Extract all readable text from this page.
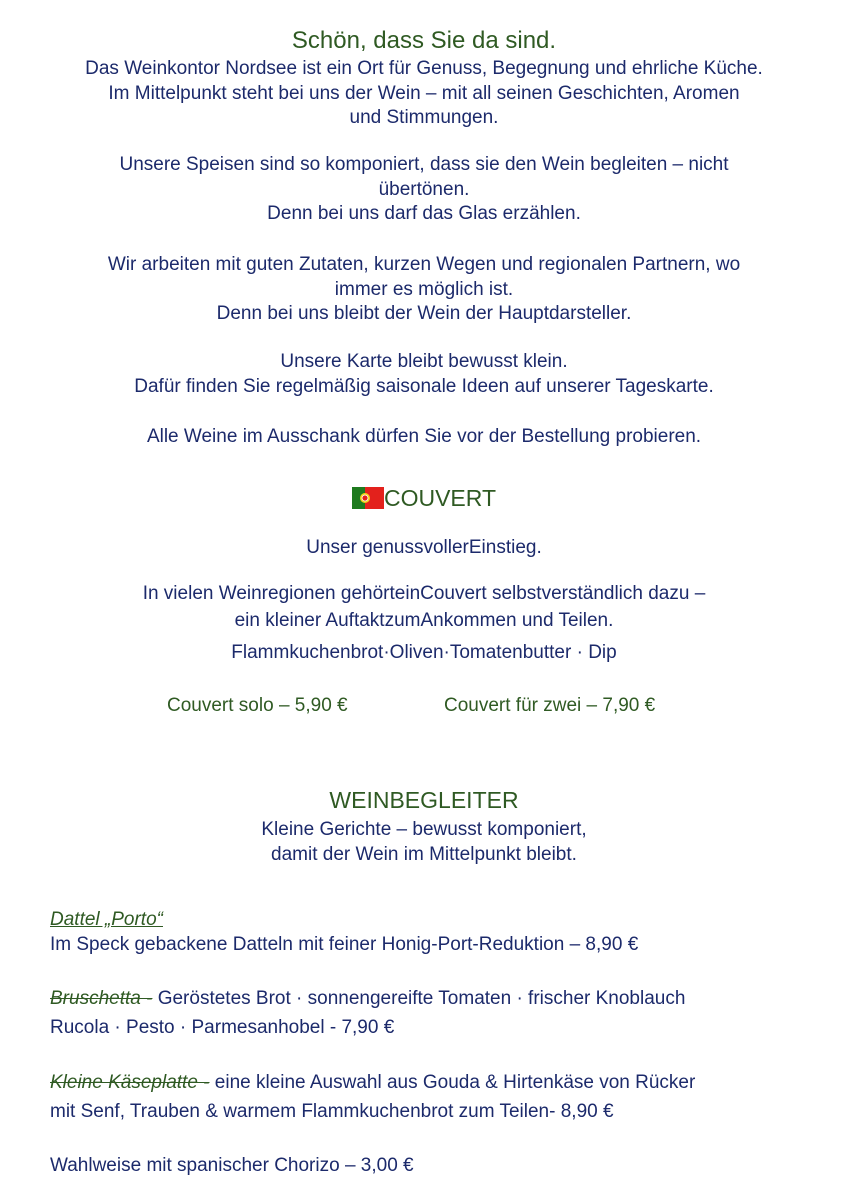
Schön, dass Sie da sind.
Das Weinkontor Nordsee ist ein Ort für Genuss, Begegnung und ehrliche Küche.
Im Mittelpunkt steht bei uns der Wein – mit all seinen Geschichten, Aromen
und Stimmungen.
Unsere Speisen sind so komponiert, dass sie den Wein begleiten – nicht
übertönen.
Denn bei uns darf das Glas erzählen.
Wir arbeiten mit guten Zutaten, kurzen Wegen und regionalen Partnern, wo
immer es möglich ist.
Denn bei uns bleibt der Wein der Hauptdarsteller.
Unsere Karte bleibt bewusst klein.
Dafür finden Sie regelmäßig saisonale Ideen auf unserer Tageskarte.
Alle Weine im Ausschank dürfen Sie vor der Bestellung probieren.
COUVERT
Unser genussvollerEinstieg.
In vielen Weinregionen gehörteinCouvert selbstverständlich dazu –
ein kleiner AuftaktzumAnkommen und Teilen.
Flammkuchenbrot·Oliven·Tomatenbutter · Dip
Couvert solo – 5,90 €	Couvert für zwei – 7,90 €
WEINBEGLEITER
Kleine Gerichte – bewusst komponiert,
damit der Wein im Mittelpunkt bleibt.
Dattel „Porto“
Im Speck gebackene Datteln mit feiner Honig-Port-Reduktion – 8,90 €
Bruschetta - Geröstetes Brot · sonnengereifte Tomaten · frischer Knoblauch
Rucola · Pesto · Parmesanhobel - 7,90 €
Kleine Käseplatte - eine kleine Auswahl aus Gouda & Hirtenkäse von Rücker
mit Senf, Trauben & warmem Flammkuchenbrot zum Teilen- 8,90 €
Wahlweise mit spanischer Chorizo – 3,00 €
